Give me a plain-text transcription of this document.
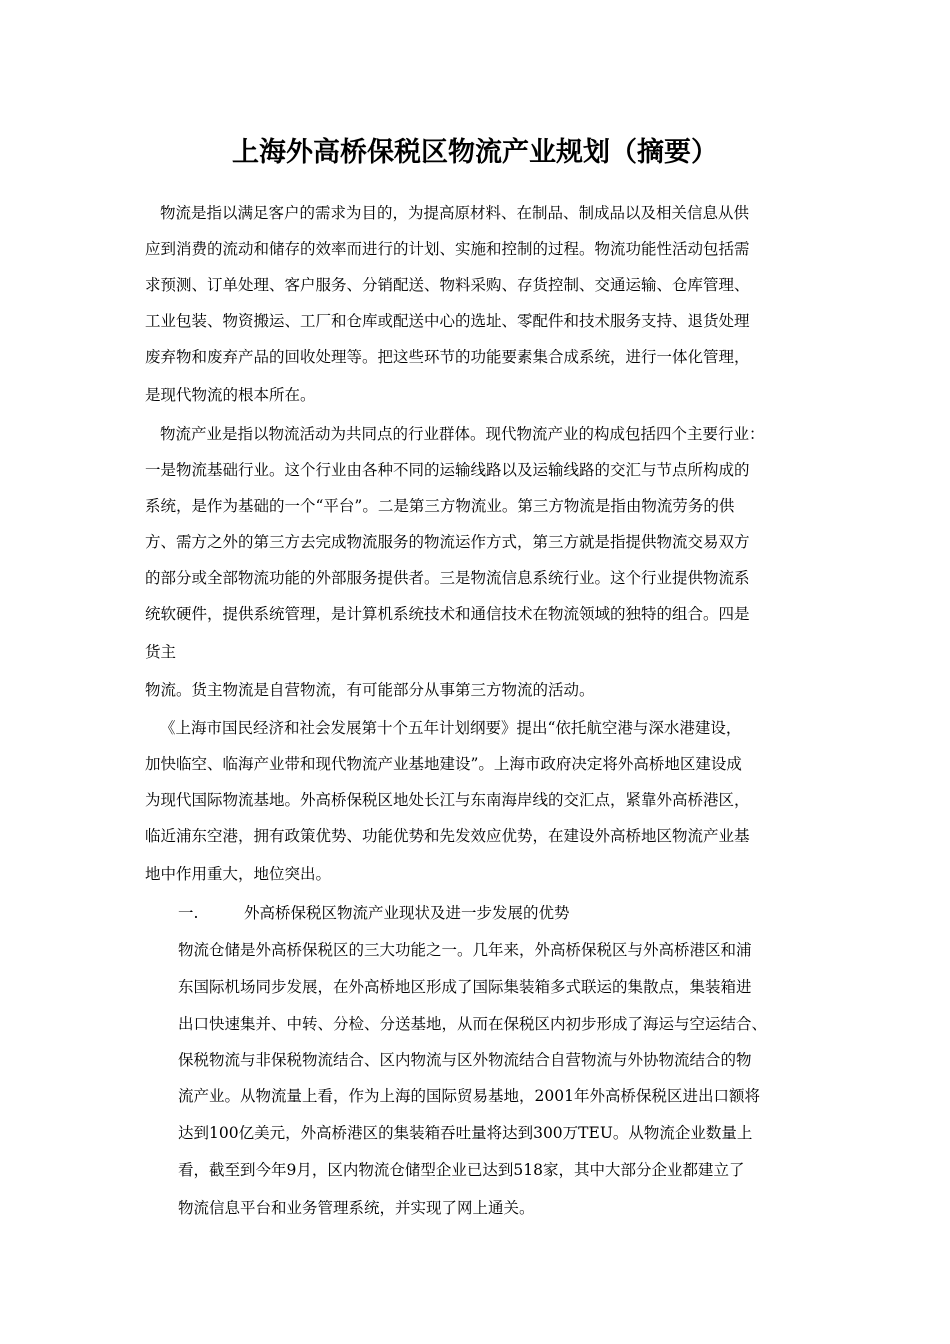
上海外高桥保税区物流产业规划（摘要）
物流是指以满足客户的需求为目的，为提高原材料、在制品、制成品以及相关信息从供
应到消费的流动和储存的效率而进行的计划、实施和控制的过程。物流功能性活动包括需
求预测、订单处理、客户服务、分销配送、物料采购、存货控制、交通运输、仓库管理、
工业包装、物资搬运、工厂和仓库或配送中心的选址、零配件和技术服务支持、退货处理
废弃物和废弃产品的回收处理等。把这些环节的功能要素集合成系统，进行一体化管理，
是现代物流的根本所在。
物流产业是指以物流活动为共同点的行业群体。现代物流产业的构成包括四个主要行业：
一是物流基础行业。这个行业由各种不同的运输线路以及运输线路的交汇与节点所构成的
系统，是作为基础的一个“平台”。二是第三方物流业。第三方物流是指由物流劳务的供
方、需方之外的第三方去完成物流服务的物流运作方式，第三方就是指提供物流交易双方
的部分或全部物流功能的外部服务提供者。三是物流信息系统行业。这个行业提供物流系
统软硬件，提供系统管理，是计算机系统技术和通信技术在物流领域的独特的组合。四是
货主
物流。货主物流是自营物流，有可能部分从事第三方物流的活动。
《上海市国民经济和社会发展第十个五年计划纲要》提出“依托航空港与深水港建设，
加快临空、临海产业带和现代物流产业基地建设”。上海市政府决定将外高桥地区建设成
为现代国际物流基地。外高桥保税区地处长江与东南海岸线的交汇点，紧靠外高桥港区，
临近浦东空港，拥有政策优势、功能优势和先发效应优势，在建设外高桥地区物流产业基
地中作用重大，地位突出。
一.	外高桥保税区物流产业现状及进一步发展的优势
物流仓储是外高桥保税区的三大功能之一。几年来，外高桥保税区与外高桥港区和浦
东国际机场同步发展，在外高桥地区形成了国际集装箱多式联运的集散点，集装箱进
出口快速集并、中转、分检、分送基地，从而在保税区内初步形成了海运与空运结合、
保税物流与非保税物流结合、区内物流与区外物流结合自营物流与外协物流结合的物
流产业。从物流量上看，作为上海的国际贸易基地，2001年外高桥保税区进出口额将
达到100亿美元，外高桥港区的集装箱吞吐量将达到300万TEU。从物流企业数量上
看，截至到今年9月，区内物流仓储型企业已达到518家，其中大部分企业都建立了
物流信息平台和业务管理系统，并实现了网上通关。
